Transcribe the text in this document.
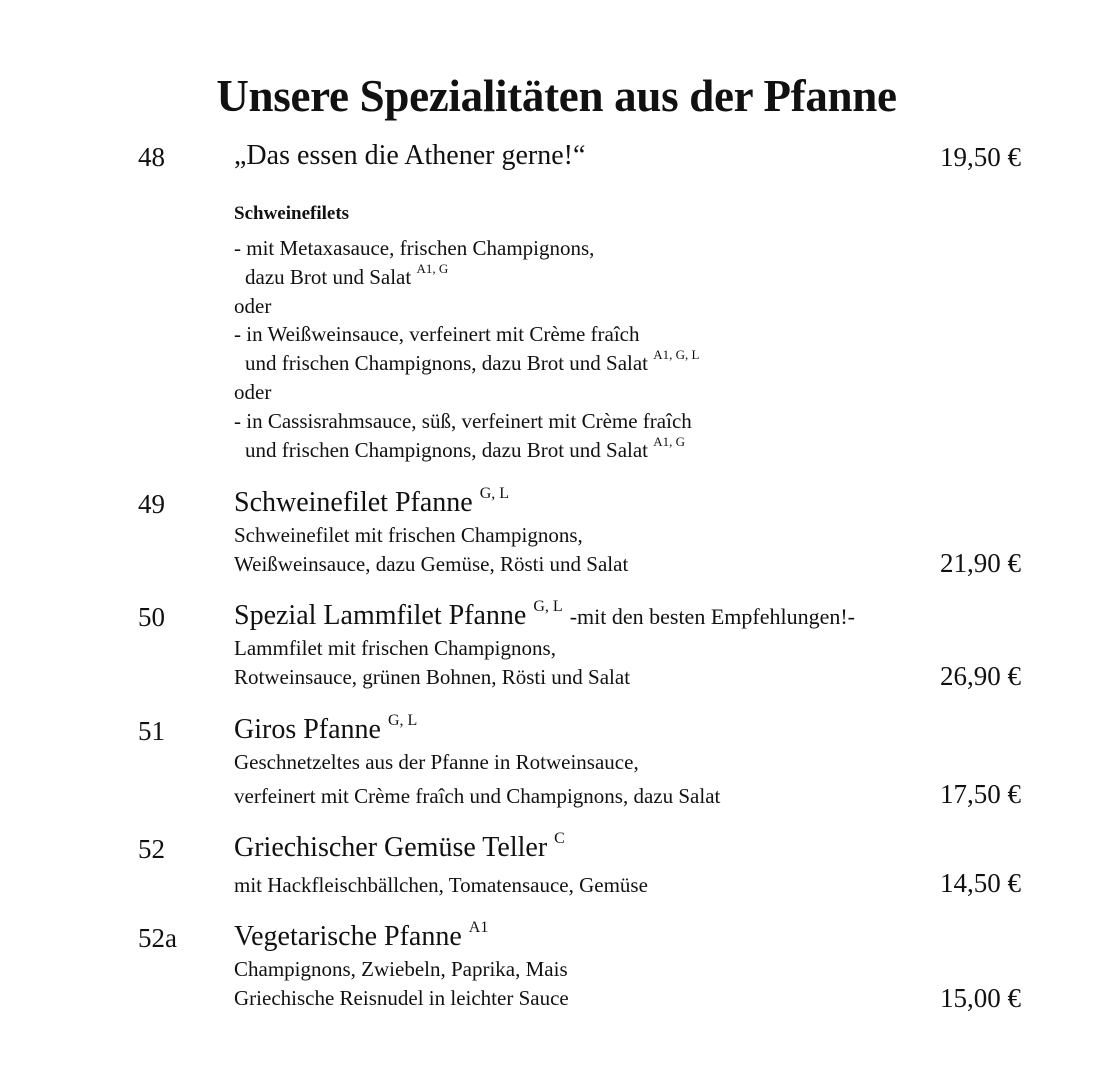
Unsere Spezialitäten aus der Pfanne
48 „Das essen die Athener gerne!“	19,50 €
Schweinefilets
- mit Metaxasauce, frischen Champignons,
dazu Brot und Salat $^{A1, G}$
oder
- in Weißweinsauce, verfeinert mit Crème fraîch
und frischen Champignons, dazu Brot und Salat $^{A1, G, L}$
oder
- in Cassisrahmsauce, süß, verfeinert mit Crème fraîch
und frischen Champignons, dazu Brot und Salat $^{A1, G}$
49 Schweinefilet Pfanne $^{G, L}$
Schweinefilet mit frischen Champignons,
Weißweinsauce, dazu Gemüse, Rösti und Salat	21,90 €
50 Spezial Lammfilet Pfanne $^{G, L}$ -mit den besten Empfehlungen!-
Lammfilet mit frischen Champignons,
Rotweinsauce, grünen Bohnen, Rösti und Salat	26,90 €
51 Giros Pfanne $^{G, L}$
Geschnetzeltes aus der Pfanne in Rotweinsauce,
verfeinert mit Crème fraîch und Champignons, dazu Salat	17,50 €
52 Griechischer Gemüse Teller $^C$
mit Hackfleischbällchen, Tomatensauce, Gemüse	14,50 €
52a Vegetarische Pfanne $^{A1}$
Champignons, Zwiebeln, Paprika, Mais
Griechische Reisnudel in leichter Sauce	15,00 €
